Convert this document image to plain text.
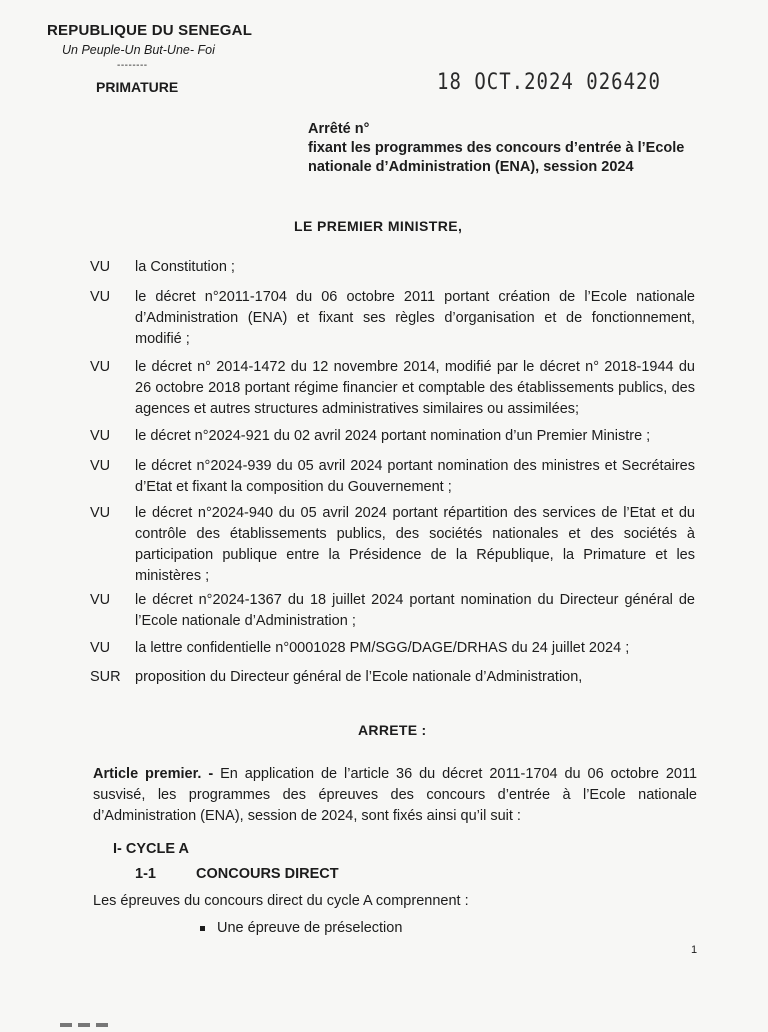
REPUBLIQUE DU SENEGAL
Un Peuple-Un But-Une- Foi
--------
PRIMATURE	18 OCT.2024 026420
Arrêté n°
fixant les programmes des concours d’entrée à l’Ecole nationale d’Administration (ENA), session 2024
LE PREMIER MINISTRE,
VU	la Constitution ;
VU	le décret n°2011-1704 du 06 octobre 2011 portant création de l’Ecole nationale d’Administration (ENA) et fixant ses règles d’organisation et de fonctionnement, modifié ;
VU	le décret n° 2014-1472 du 12 novembre 2014, modifié par le décret n° 2018-1944 du 26 octobre 2018 portant régime financier et comptable des établissements publics, des agences et autres structures administratives similaires ou assimilées;
VU	le décret n°2024-921 du 02 avril 2024 portant nomination d’un Premier Ministre ;
VU	le décret n°2024-939 du 05 avril 2024 portant nomination des ministres et Secrétaires d’Etat et fixant la composition du Gouvernement ;
VU	le décret n°2024-940 du 05 avril 2024 portant répartition des services de l’Etat et du contrôle des établissements publics, des sociétés nationales et des sociétés à participation publique entre la Présidence de la République, la Primature et les ministères ;
VU	le décret n°2024-1367 du 18 juillet 2024 portant nomination du Directeur général de l’Ecole nationale d’Administration ;
VU	la lettre confidentielle n°0001028 PM/SGG/DAGE/DRHAS du 24 juillet 2024 ;
SUR proposition du Directeur général de l’Ecole nationale d’Administration,
ARRETE :
Article premier. - En application de l’article 36 du décret 2011-1704 du 06 octobre 2011 susvisé, les programmes des épreuves des concours d’entrée à l’Ecole nationale d’Administration (ENA), session de 2024, sont fixés ainsi qu’il suit :
I- CYCLE A
1-1	CONCOURS DIRECT
Les épreuves du concours direct du cycle A comprennent :
Une épreuve de préselection
1
